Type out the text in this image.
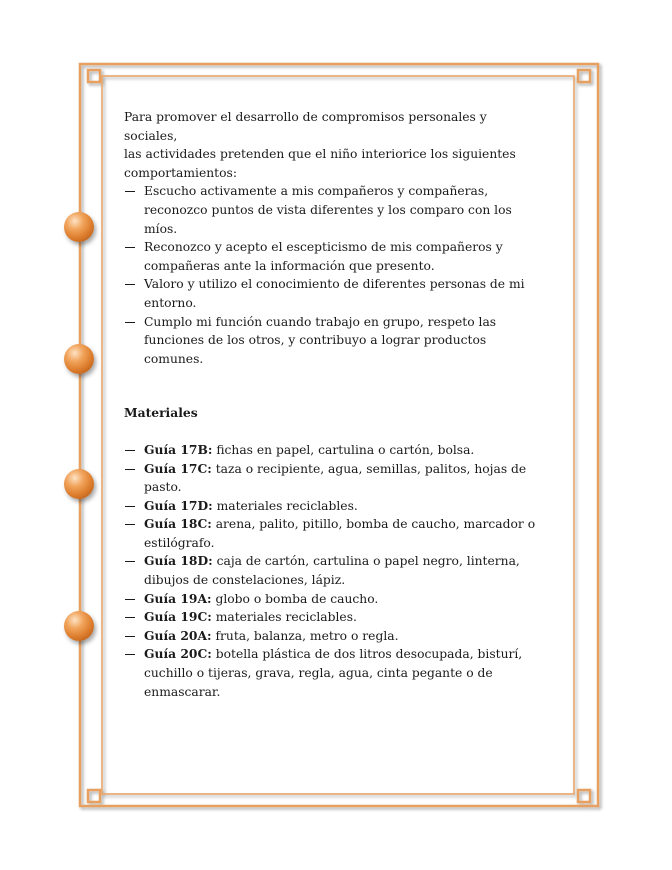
Para promover el desarrollo de compromisos personales y sociales,
las actividades pretenden que el niño interiorice los siguientes
comportamientos:
Escucho activamente a mis compañeros y compañeras, reconozco puntos de vista diferentes y los comparo con los míos.
Reconozco y acepto el escepticismo de mis compañeros y compañeras ante la información que presento.
Valoro y utilizo el conocimiento de diferentes personas de mi entorno.
Cumplo mi función cuando trabajo en grupo, respeto las funciones de los otros, y contribuyo a lograr productos comunes.
Materiales
Guía 17B: fichas en papel, cartulina o cartón, bolsa.
Guía 17C: taza o recipiente, agua, semillas, palitos, hojas de pasto.
Guía 17D: materiales reciclables.
Guía 18C: arena, palito, pitillo, bomba de caucho, marcador o estilógrafo.
Guía 18D: caja de cartón, cartulina o papel negro, linterna, dibujos de constelaciones, lápiz.
Guía 19A: globo o bomba de caucho.
Guía 19C: materiales reciclables.
Guía 20A: fruta, balanza, metro o regla.
Guía 20C: botella plástica de dos litros desocupada, bisturí, cuchillo o tijeras, grava, regla, agua, cinta pegante o de enmascarar.
